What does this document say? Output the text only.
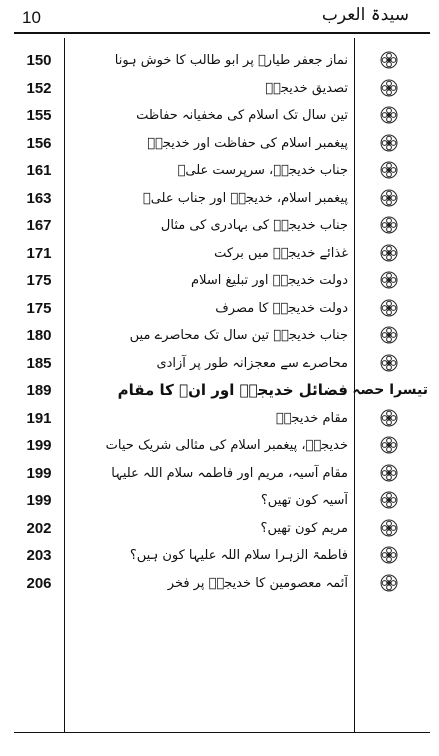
10	سیدۃ العرب
150	نماز جعفر طیارؑ پر ابو طالب کا خوش ہونا
152	تصدیق خدیجہؑ
155	تین سال تک اسلام کی مخفیانہ حفاظت
156	پیغمبر اسلام کی حفاظت اور خدیجہؑ
161	جناب خدیجہؑ، سرپرست علیؑ
163	پیغمبر اسلام، خدیجہؑ اور جناب علیؑ
167	جناب خدیجہؑ کی بہادری کی مثال
171	غذائے خدیجہؑ میں برکت
175	دولت خدیجہؑ اور تبلیغ اسلام
175	دولت خدیجہؑ کا مصرف
180	جناب خدیجہؑ تین سال تک محاصرے میں
185	محاصرے سے معجزانہ طور پر آزادی
189	فضائل خدیجہؑ اور انؑ کا مقام تیسرا حصہ
191	مقام خدیجہؑ
199	خدیجہؑ، پیغمبر اسلام کی مثالی شریک حیات
199	مقام آسیہ، مریم اور فاطمہ سلام اللہ علیہا
199	آسیہ کون تھیں؟
202	مریم کون تھیں؟
203	فاطمۃ الزہرا سلام اللہ علیہا کون ہیں؟
206	آئمہ معصومین کا خدیجہؑ پر فخر
